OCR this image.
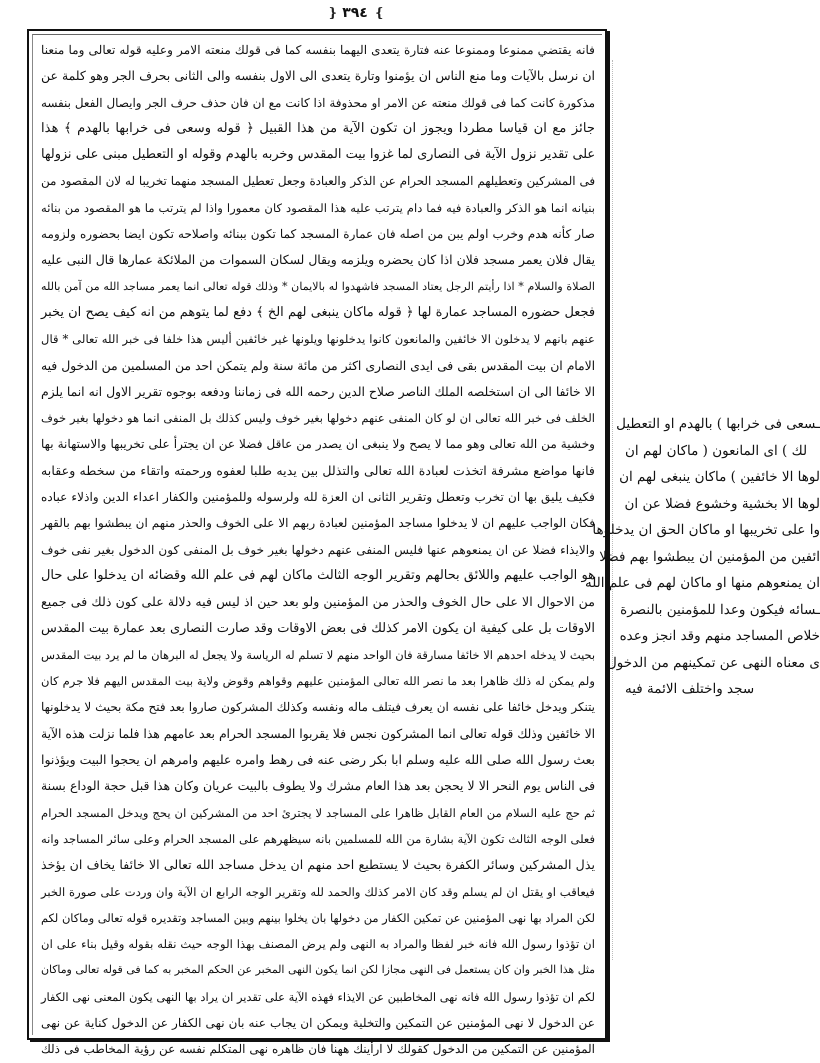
❵
٣٩٤
❴
فانه يقتضي ممنوعا وممنوعا عنه فتارة يتعدى اليهما بنفسه كما فى قولك منعته الامر وعليه قوله تعالى وما منعنا
ان نرسل بالآيات وما منع الناس ان يؤمنوا وتارة يتعدى الى الاول بنفسه والى الثانى بحرف الجر وهو كلمة عن
مذكورة كانت كما فى قولك منعته عن الامر او محذوفة اذا كانت مع ان فان حذف حرف الجر وايصال الفعل بنفسه
جائز مع ان قياسا مطردا ويجوز ان تكون الآية من هذا القبيل ﴿ قوله وسعى فى خرابها بالهدم ﴾ هذا
على تقدير نزول الآية فى النصارى لما غزوا بيت المقدس وخربه بالهدم وقوله او التعطيل مبنى على نزولها
فى المشركين وتعطيلهم المسجد الحرام عن الذكر والعبادة وجعل تعطيل المسجد منهما تخريبا له لان المقصود من
بنيانه انما هو الذكر والعبادة فيه فما دام يترتب عليه هذا المقصود كان معمورا واذا لم يترتب ما هو المقصود من بنائه
صار كأنه هدم وخرب اولم يبن من اصله فان عمارة المسجد كما تكون ببنائه واصلاحه تكون ايضا بحضوره ولزومه
يقال فلان يعمر مسجد فلان اذا كان يحضره ويلزمه ويقال لسكان السموات من الملائكة عمارها قال النبى عليه
الصلاة والسلام * اذا رأيتم الرجل يعتاد المسجد فاشهدوا له بالايمان * وذلك قوله تعالى انما يعمر مساجد الله من آمن بالله
فجعل حضوره المساجد عمارة لها ﴿ قوله ماكان ينبغى لهم الخ ﴾ دفع لما يتوهم من انه كيف يصح ان يخبر
عنهم بانهم لا يدخلون الا خائفين والمانعون كانوا يدخلونها ويلونها غير خائفين أليس هذا خلفا فى خبر الله تعالى * قال
الامام ان بيت المقدس بقى فى ايدى النصارى اكثر من مائة سنة ولم يتمكن احد من المسلمين من الدخول فيه
الا خائفا الى ان استخلصه الملك الناصر صلاح الدين رحمه الله فى زماننا ودفعه بوجوه تقرير الاول انه انما يلزم
الخلف فى خبر الله تعالى ان لو كان المنفى عنهم دخولها بغير خوف وليس كذلك بل المنفى انما هو دخولها بغير خوف
وخشية من الله تعالى وهو مما لا يصح ولا ينبغى ان يصدر من عاقل فضلا عن ان يجترأ على تخريبها والاستهانة بها
فانها مواضع مشرفة اتخذت لعبادة الله تعالى والتذلل بين يديه طلبا لعفوه ورحمته واتقاء من سخطه وعقابه
فكيف يليق بها ان تخرب وتعطل وتقرير الثانى ان العزة لله ولرسوله وللمؤمنين والكفار اعداء الدين واذلاء عباده
فكان الواجب عليهم ان لا يدخلوا مساجد المؤمنين لعبادة ربهم الا على الخوف والحذر منهم ان يبطشوا بهم بالقهر
والايذاء فضلا عن ان يمنعوهم عنها فليس المنفى عنهم دخولها بغير خوف بل المنفى كون الدخول بغير نفى خوف
هو الواجب عليهم واللائق بحالهم وتقرير الوجه الثالث ماكان لهم فى علم الله وقضائه ان يدخلوا على حال
من الاحوال الا على حال الخوف والحذر من المؤمنين ولو بعد حين اذ ليس فيه دلالة على كون ذلك فى جميع
الاوقات بل على كيفية ان يكون الامر كذلك فى بعض الاوقات وقد صارت النصارى بعد عمارة بيت المقدس
بحيث لا يدخله احدهم الا خائفا مسارقة فان الواحد منهم لا تسلم له الرياسة ولا يجعل له البرهان ما لم يرد بيت المقدس
ولم يمكن له ذلك ظاهرا بعد ما نصر الله تعالى المؤمنين عليهم وقواهم وقوض ولاية بيت المقدس اليهم فلا جرم كان
يتنكر ويدخل خائفا على نفسه ان يعرف فيتلف ماله ونفسه وكذلك المشركون صاروا بعد فتح مكة بحيث لا يدخلونها
الا خائفين وذلك قوله تعالى انما المشركون نجس فلا يقربوا المسجد الحرام بعد عامهم هذا فلما نزلت هذه الآية
بعث رسول الله صلى الله عليه وسلم ابا بكر رضى عنه فى رهط وامره عليهم وامرهم ان يحجوا البيت ويؤذنوا
فى الناس يوم النحر الا لا يحجن بعد هذا العام مشرك ولا يطوف بالبيت عريان وكان هذا قبل حجة الوداع بسنة
ثم حج عليه السلام من العام القابل ظاهرا على المساجد لا يجترئ احد من المشركين ان يحج ويدخل المسجد الحرام
فعلى الوجه الثالث تكون الآية بشارة من الله للمسلمين بانه سيظهرهم على المسجد الحرام وعلى سائر المساجد وانه
يذل المشركين وسائر الكفرة بحيث لا يستطيع احد منهم ان يدخل مساجد الله تعالى الا خائفا يخاف ان يؤخذ
فيعاقب او يقتل ان لم يسلم وقد كان الامر كذلك والحمد لله وتقرير الوجه الرابع ان الآية وان وردت على صورة الخبر
لكن المراد بها نهى المؤمنين عن تمكين الكفار من دخولها بان يخلوا بينهم وبين المساجد وتقديره قوله تعالى وماكان لكم
ان تؤذوا رسول الله فانه خبر لفظا والمراد به النهى ولم يرض المصنف بهذا الوجه حيث نقله بقوله وقيل بناء على ان
مثل هذا الخبر وان كان يستعمل فى النهى مجازا لكن انما يكون النهى المخبر عن الحكم المخبر به كما فى قوله تعالى وماكان
لكم ان تؤذوا رسول الله فانه نهى المخاطبين عن الايذاء فهذه الآية على تقدير ان يراد بها النهى يكون المعنى نهى الكفار
عن الدخول لا نهى المؤمنين عن التمكين والتخلية ويمكن ان يجاب عنه بان نهى الكفار عن الدخول كناية عن نهى
المؤمنين عن التمكين من الدخول كقولك لا ارأينك ههنا فان ظاهره نهى المتكلم نفسه عن رؤية المخاطب فى ذلك
ـسعى فى خرابها ) بالهدم او التعطيل
لك ) اى المانعون ( ماكان لهم ان
لوها الا خائفين ) ماكان ينبغى لهم ان
لوها الا بخشية وخشوع فضلا عن ان
وا على تخريبها او ماكان الحق ان يدخلوها
ائفين من المؤمنين ان يبطشوا بهم فضلا
ان يمنعوهم منها او ماكان لهم فى علم الله
ـسائه فيكون وعدا للمؤمنين بالنصرة
خلاص المساجد منهم وقد انجز وعده
ى معناه النهى عن تمكينهم من الدخول
سجد واختلف الائمة فيه
